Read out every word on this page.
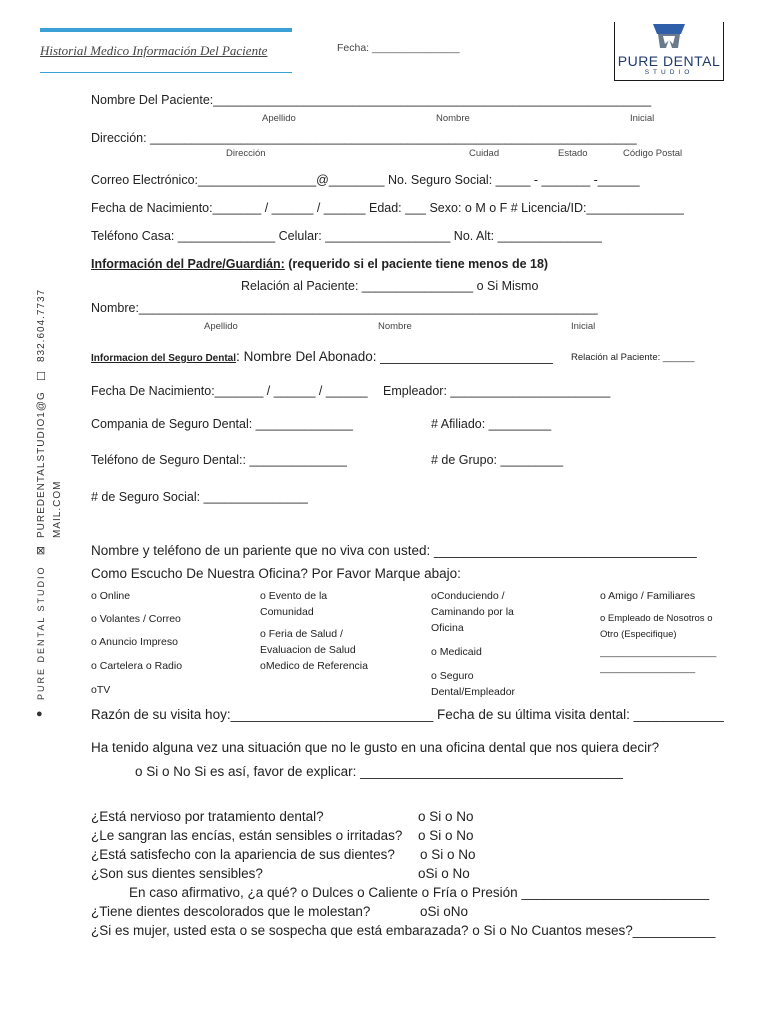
Historial Medico Información Del Paciente	Fecha: _______________
PURE DENTAL
STUDIO
832.604.7737
☐
PUREDENTALSTUDIO1@G MAIL.COM
⊠
PURE DENTAL STUDIO
●
Nombre Del Paciente:_______________________________________________________________
Apellido	Nombre	Inicial
Dirección: ______________________________________________________________________
Dirección	Cuidad	Estado	Código Postal
Correo Electrónico:_________________@________ No. Seguro Social: _____ - _______ -______
Fecha de Nacimiento:_______ / ______ / ______ Edad: ___ Sexo: o M o F # Licencia/ID:______________
Teléfono Casa: ______________ Celular: __________________ No. Alt: _______________
Información del Padre/Guardián: (requerido si el paciente tiene menos de 18)
Relación al Paciente: ________________ o Si Mismo
Nombre:__________________________________________________________________
Apellido	Nombre	Inicial
Informacion del Seguro Dental: Nombre Del Abonado: _______________________ Relación al Paciente: ______
Fecha De Nacimiento:_______ / ______ / ______ Empleador: _______________________
Compania de Seguro Dental: ______________	# Afiliado: _________
Teléfono de Seguro Dental:: ______________	# de Grupo: _________
# de Seguro Social: _______________
Nombre y teléfono de un pariente que no viva con usted: ___________________________________
Como Escucho De Nuestra Oficina? Por Favor Marque abajo:
o Online
o Volantes / Correo
o Anuncio Impreso
o Cartelera o Radio
oTV
o Evento de la Comunidad
o Feria de Salud / Evaluacion de Salud
oMedico de Referencia
oConduciendo / Caminando por la Oficina
o Medicaid
o Seguro Dental/Empleador
o Amigo / Familiares
o Empleado de Nosotros o Otro (Especifique)
______________________
__________________
Razón de su visita hoy:___________________________ Fecha de su última visita dental: ____________
Ha tenido alguna vez una situación que no le gusto en una oficina dental que nos quiera decir?
o Si o No Si es así, favor de explicar: ___________________________________
¿Está nervioso por tratamiento dental?	o Si o No
¿Le sangran las encías, están sensibles o irritadas? o Si o No
¿Está satisfecho con la apariencia de sus dientes? o Si o No
¿Son sus dientes sensibles?	oSi o No
En caso afirmativo, ¿a qué? o Dulces o Caliente o Fría o Presión _________________________
¿Tiene dientes descolorados que le molestan?	oSi oNo
¿Si es mujer, usted esta o se sospecha que está embarazada? o Si o No Cuantos meses?___________
